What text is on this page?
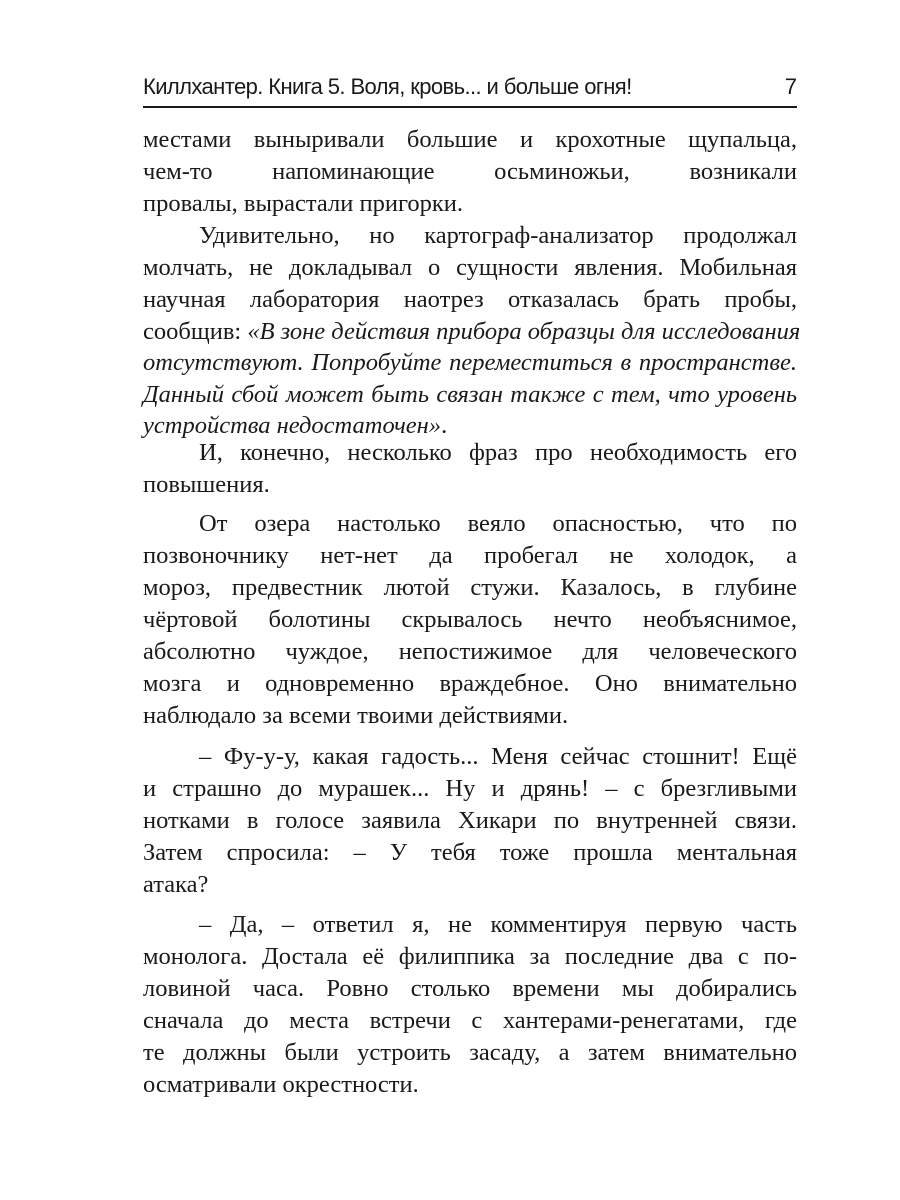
Киллхантер. Книга 5. Воля, кровь... и больше огня!	7
местами выныривали большие и крохотные щупальца,
чем-то напоминающие осьминожьи, возникали
провалы, вырастали пригорки.
Удивительно, но картограф-анализатор продолжал
молчать, не докладывал о сущности явления. Мобильная
научная лаборатория наотрез отказалась брать пробы,
сообщив: «В зоне действия прибора образцы для исследования
отсутствуют. Попробуйте переместиться в пространстве.
Данный сбой может быть связан также с тем, что уровень
устройства недостаточен».
И, конечно, несколько фраз про необходимость его
повышения.
От озера настолько веяло опасностью, что по
позвоночнику нет-нет да пробегал не холодок, а
мороз, предвестник лютой стужи. Казалось, в глубине
чёртовой болотины скрывалось нечто необъяснимое,
абсолютно чуждое, непостижимое для человеческого
мозга и одновременно враждебное. Оно внимательно
наблюдало за всеми твоими действиями.
– Фу-у-у, какая гадость... Меня сейчас стошнит! Ещё
и страшно до мурашек... Ну и дрянь! – с брезгливыми
нотками в голосе заявила Хикари по внутренней связи.
Затем спросила: – У тебя тоже прошла ментальная
атака?
– Да, – ответил я, не комментируя первую часть
монолога. Достала её филиппика за последние два с по-
ловиной часа. Ровно столько времени мы добирались
сначала до места встречи с хантерами-ренегатами, где
те должны были устроить засаду, а затем внимательно
осматривали окрестности.
